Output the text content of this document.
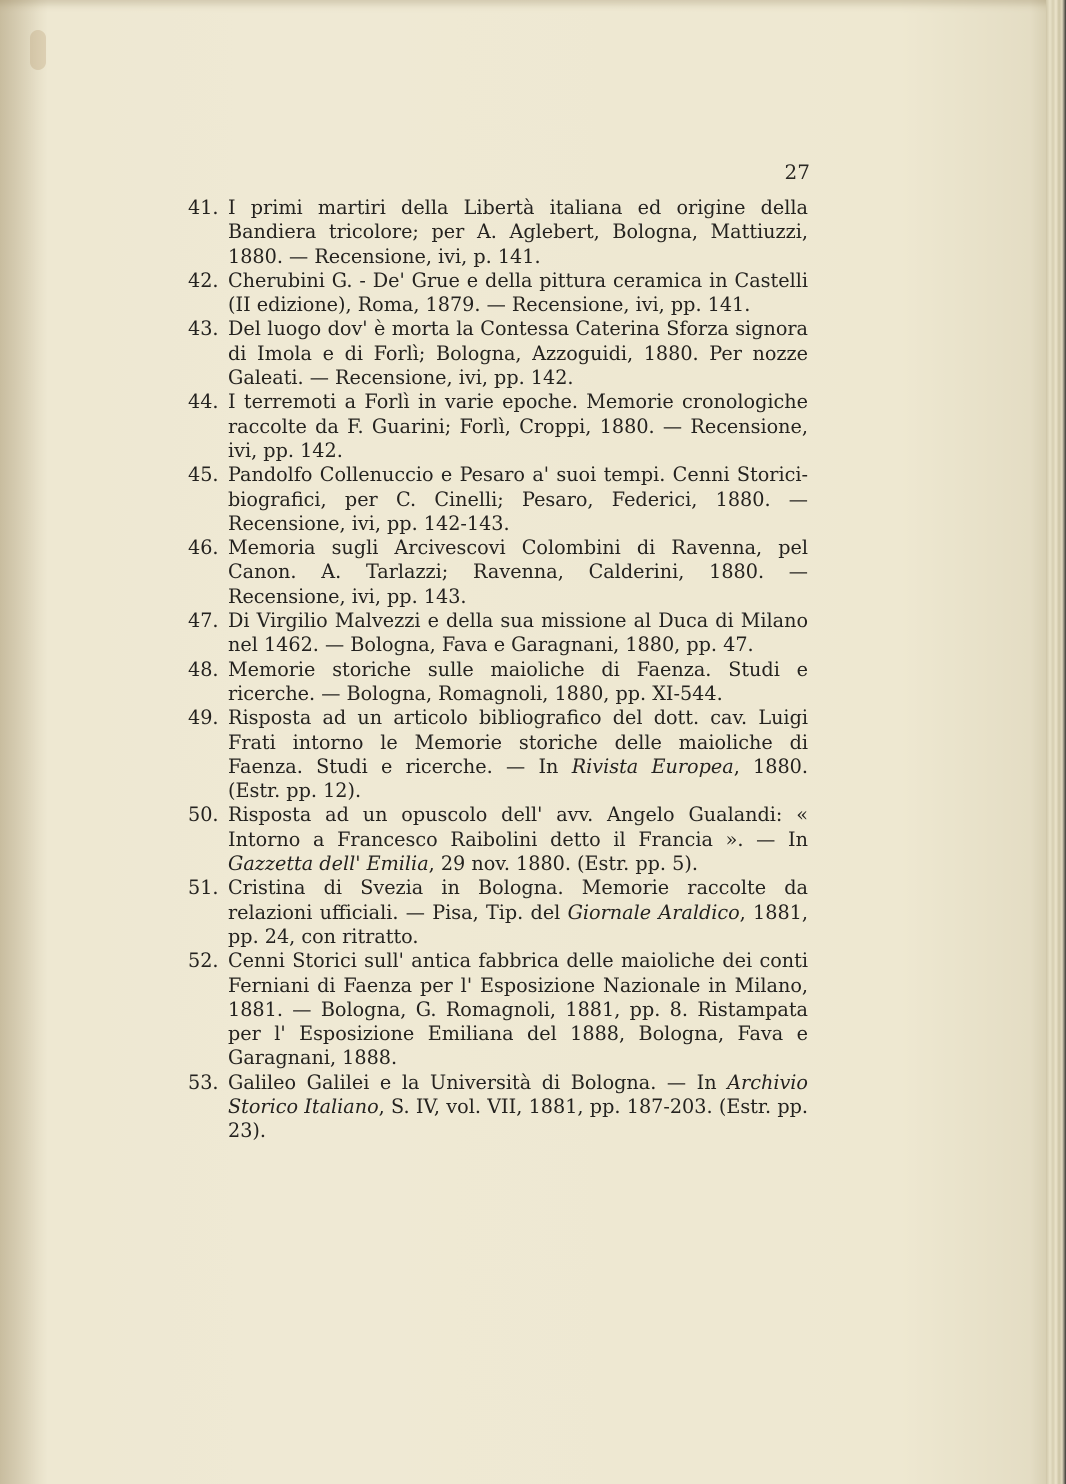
27

41. I primi martiri della Libertà italiana ed origine della Bandiera tricolore; per A. Aglebert, Bologna, Mattiuzzi, 1880. — Recensione, ivi, p. 141.

42. Cherubini G. - De' Grue e della pittura ceramica in Castelli (II edizione), Roma, 1879. — Recensione, ivi, pp. 141.

43. Del luogo dov' è morta la Contessa Caterina Sforza signora di Imola e di Forlì; Bologna, Azzoguidi, 1880. Per nozze Galeati. — Recensione, ivi, pp. 142.

44. I terremoti a Forlì in varie epoche. Memorie cronologiche raccolte da F. Guarini; Forlì, Croppi, 1880. — Recensione, ivi, pp. 142.

45. Pandolfo Collenuccio e Pesaro a' suoi tempi. Cenni Storici-biografici, per C. Cinelli; Pesaro, Federici, 1880. — Recensione, ivi, pp. 142-143.

46. Memoria sugli Arcivescovi Colombini di Ravenna, pel Canon. A. Tarlazzi; Ravenna, Calderini, 1880. — Recensione, ivi, pp. 143.

47. Di Virgilio Malvezzi e della sua missione al Duca di Milano nel 1462. — Bologna, Fava e Garagnani, 1880, pp. 47.

48. Memorie storiche sulle maioliche di Faenza. Studi e ricerche. — Bologna, Romagnoli, 1880, pp. XI-544.

49. Risposta ad un articolo bibliografico del dott. cav. Luigi Frati intorno le Memorie storiche delle maioliche di Faenza. Studi e ricerche. — In Rivista Europea, 1880. (Estr. pp. 12).

50. Risposta ad un opuscolo dell' avv. Angelo Gualandi: « Intorno a Francesco Raibolini detto il Francia ». — In Gazzetta dell' Emilia, 29 nov. 1880. (Estr. pp. 5).

51. Cristina di Svezia in Bologna. Memorie raccolte da relazioni ufficiali. — Pisa, Tip. del Giornale Araldico, 1881, pp. 24, con ritratto.

52. Cenni Storici sull' antica fabbrica delle maioliche dei conti Ferniani di Faenza per l' Esposizione Nazionale in Milano, 1881. — Bologna, G. Romagnoli, 1881, pp. 8. Ristampata per l' Esposizione Emiliana del 1888, Bologna, Fava e Garagnani, 1888.

53. Galileo Galilei e la Università di Bologna. — In Archivio Storico Italiano, S. IV, vol. VII, 1881, pp. 187-203. (Estr. pp. 23).
